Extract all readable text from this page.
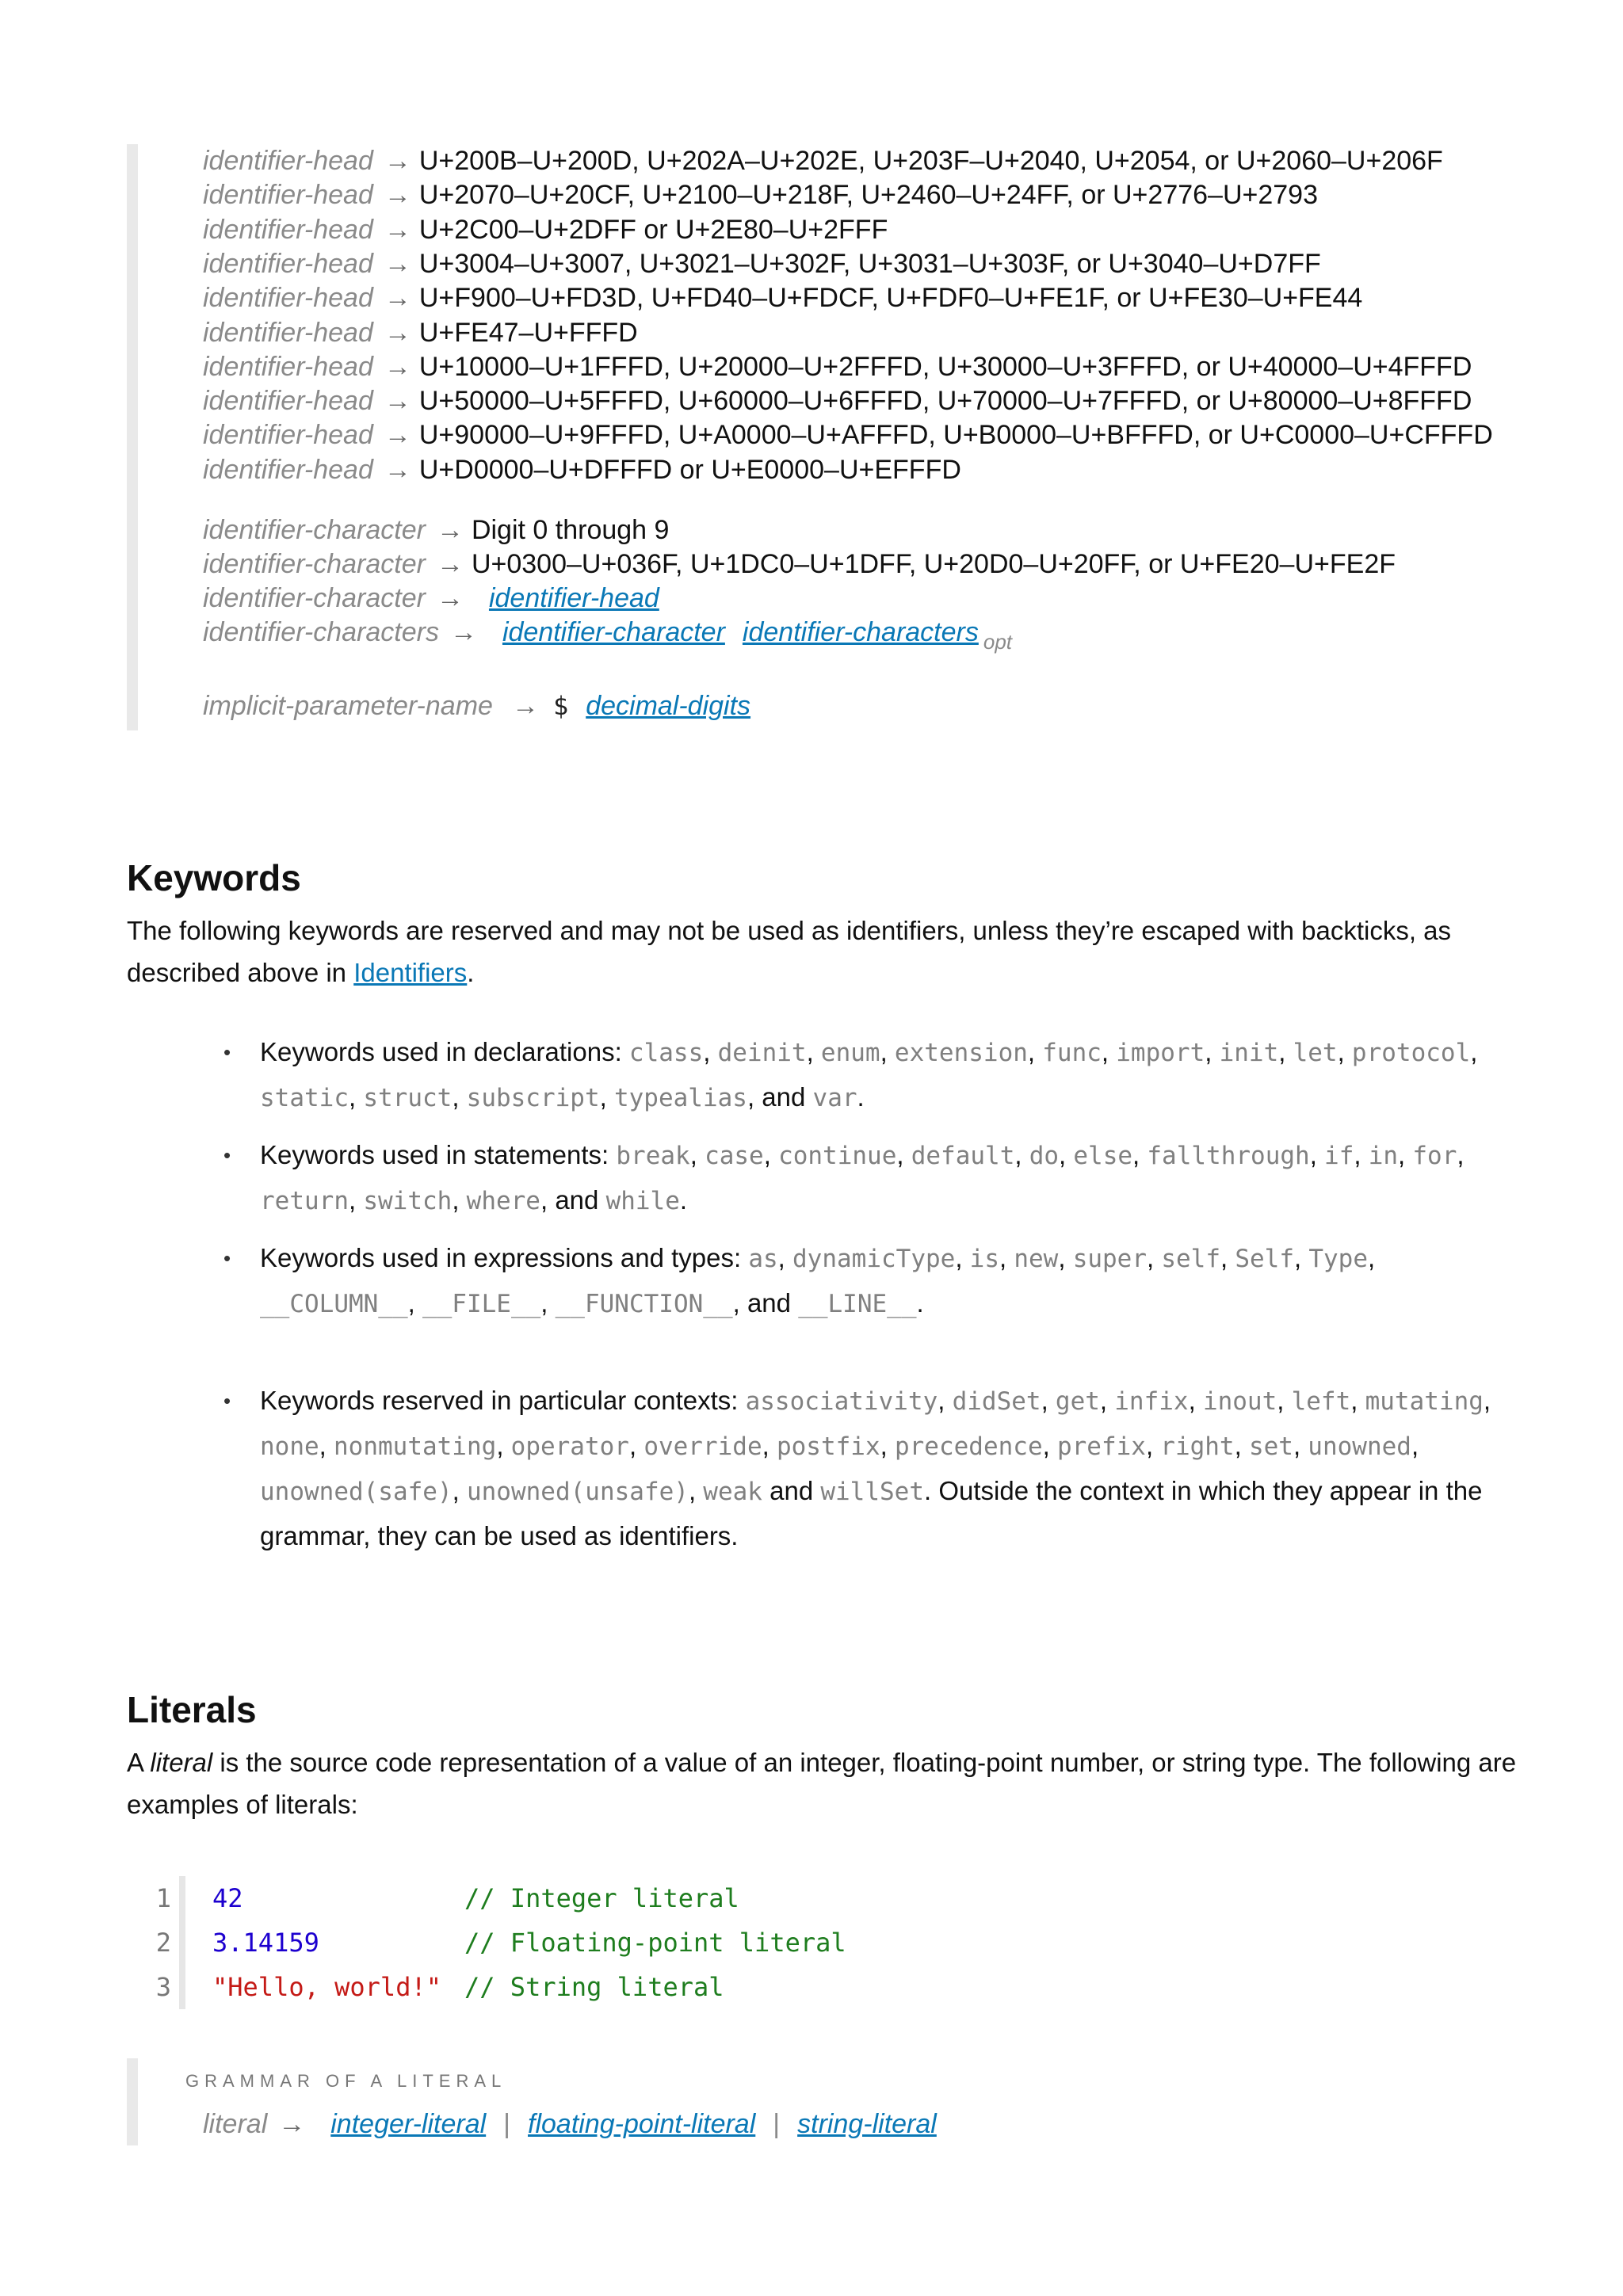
identifier-head → U+200B–U+200D, U+202A–U+202E, U+203F–U+2040, U+2054, or U+2060–U+206F
identifier-head → U+2070–U+20CF, U+2100–U+218F, U+2460–U+24FF, or U+2776–U+2793
identifier-head → U+2C00–U+2DFF or U+2E80–U+2FFF
identifier-head → U+3004–U+3007, U+3021–U+302F, U+3031–U+303F, or U+3040–U+D7FF
identifier-head → U+F900–U+FD3D, U+FD40–U+FDCF, U+FDF0–U+FE1F, or U+FE30–U+FE44
identifier-head → U+FE47–U+FFFD
identifier-head → U+10000–U+1FFFD, U+20000–U+2FFFD, U+30000–U+3FFFD, or U+40000–U+4FFFD
identifier-head → U+50000–U+5FFFD, U+60000–U+6FFFD, U+70000–U+7FFFD, or U+80000–U+8FFFD
identifier-head → U+90000–U+9FFFD, U+A0000–U+AFFFD, U+B0000–U+BFFFD, or U+C0000–U+CFFFD
identifier-head → U+D0000–U+DFFFD or U+E0000–U+EFFFD
identifier-character → Digit 0 through 9
identifier-character → U+0300–U+036F, U+1DC0–U+1DFF, U+20D0–U+20FF, or U+FE20–U+FE2F
identifier-character → identifier-head
identifier-characters → identifier-character identifier-characters $_{opt}$
implicit-parameter-name → $ decimal-digits
Keywords

The following keywords are reserved and may not be used as identifiers, unless they’re escaped with backticks, as described above in Identifiers.

• Keywords used in declarations: class, deinit, enum, extension, func, import, init, let, protocol, static, struct, subscript, typealias, and var.
• Keywords used in statements: break, case, continue, default, do, else, fallthrough, if, in, for, return, switch, where, and while.
• Keywords used in expressions and types: as, dynamicType, is, new, super, self, Self, Type, __COLUMN__, __FILE__, __FUNCTION__, and __LINE__.
• Keywords reserved in particular contexts: associativity, didSet, get, infix, inout, left, mutating, none, nonmutating, operator, override, postfix, precedence, prefix, right, set, unowned, unowned(safe), unowned(unsafe), weak and willSet. Outside the context in which they appear in the grammar, they can be used as identifiers.
Literals

A literal is the source code representation of a value of an integer, floating-point number, or string type. The following are examples of literals:

1 42	// Integer literal
2 3.14159	// Floating-point literal
3 "Hello, world!" // String literal
GRAMMAR OF A LITERAL
literal → integer-literal | floating-point-literal | string-literal
